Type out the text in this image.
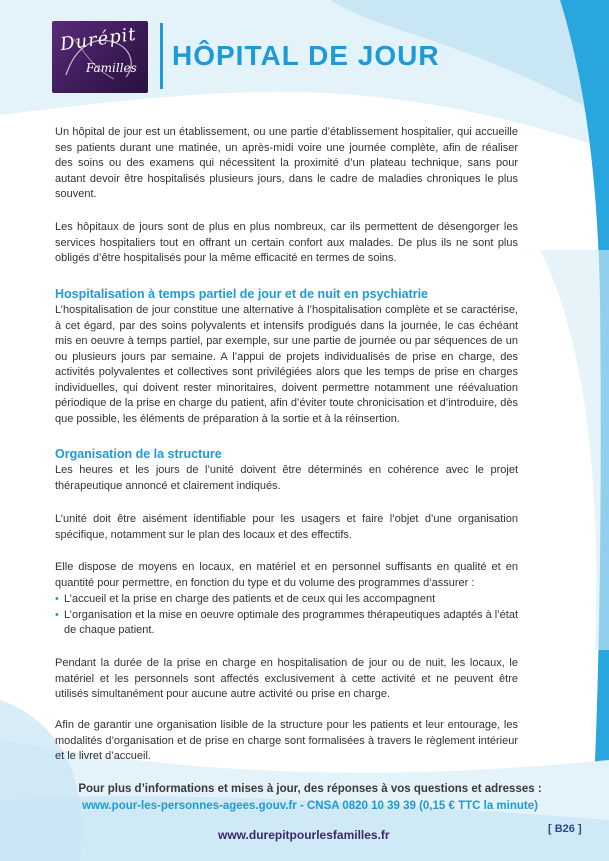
Durépit
Familles HÔPITAL DE JOUR

Un hôpital de jour est un établissement, ou une partie d’établissement hospitalier, qui accueille ses patients durant une matinée, un après-midi voire une journée complète, afin de réaliser des soins ou des examens qui nécessitent la proximité d’un plateau technique, sans pour autant devoir être hospitalisés plusieurs jours, dans le cadre de maladies chroniques le plus souvent.

Les hôpitaux de jours sont de plus en plus nombreux, car ils permettent de désengorger les services hospitaliers tout en offrant un certain confort aux malades. De plus ils ne sont plus obligés d’être hospitalisés pour la même efficacité en termes de soins.

Hospitalisation à temps partiel de jour et de nuit en psychiatrie

L’hospitalisation de jour constitue une alternative à l’hospitalisation complète et se caractérise, à cet égard, par des soins polyvalents et intensifs prodigués dans la journée, le cas échéant mis en oeuvre à temps partiel, par exemple, sur une partie de journée ou par séquences de un ou plusieurs jours par semaine. A l’appui de projets individualisés de prise en charge, des activités polyvalentes et collectives sont privilégiées alors que les temps de prise en charges individuelles, qui doivent rester minoritaires, doivent permettre notamment une réévaluation périodique de la prise en charge du patient, afin d’éviter toute chronicisation et d’introduire, dès que possible, les éléments de préparation à la sortie et à la réinsertion.

Organisation de la structure

Les heures et les jours de l’unité doivent être déterminés en cohérence avec le projet thérapeutique annoncé et clairement indiqués.

L’unité doit être aisément identifiable pour les usagers et faire l’objet d’une organisation spécifique, notamment sur le plan des locaux et des effectifs.

Elle dispose de moyens en locaux, en matériel et en personnel suffisants en qualité et en quantité pour permettre, en fonction du type et du volume des programmes d’assurer :

• L’accueil et la prise en charge des patients et de ceux qui les accompagnent
• L’organisation et la mise en oeuvre optimale des programmes thérapeutiques adaptés à l’état de chaque patient.

Pendant la durée de la prise en charge en hospitalisation de jour ou de nuit, les locaux, le matériel et les personnels sont affectés exclusivement à cette activité et ne peuvent être utilisés simultanément pour aucune autre activité ou prise en charge.

Afin de garantir une organisation lisible de la structure pour les patients et leur entourage, les modalités d’organisation et de prise en charge sont formalisées à travers le règlement intérieur et le livret d’accueil.

Pour plus d’informations et mises à jour, des réponses à vos questions et adresses :
www.pour-les-personnes-agees.gouv.fr - CNSA 0820 10 39 39 (0,15 € TTC la minute)
www.durepitpourlesfamilles.fr	[ B26 ]
